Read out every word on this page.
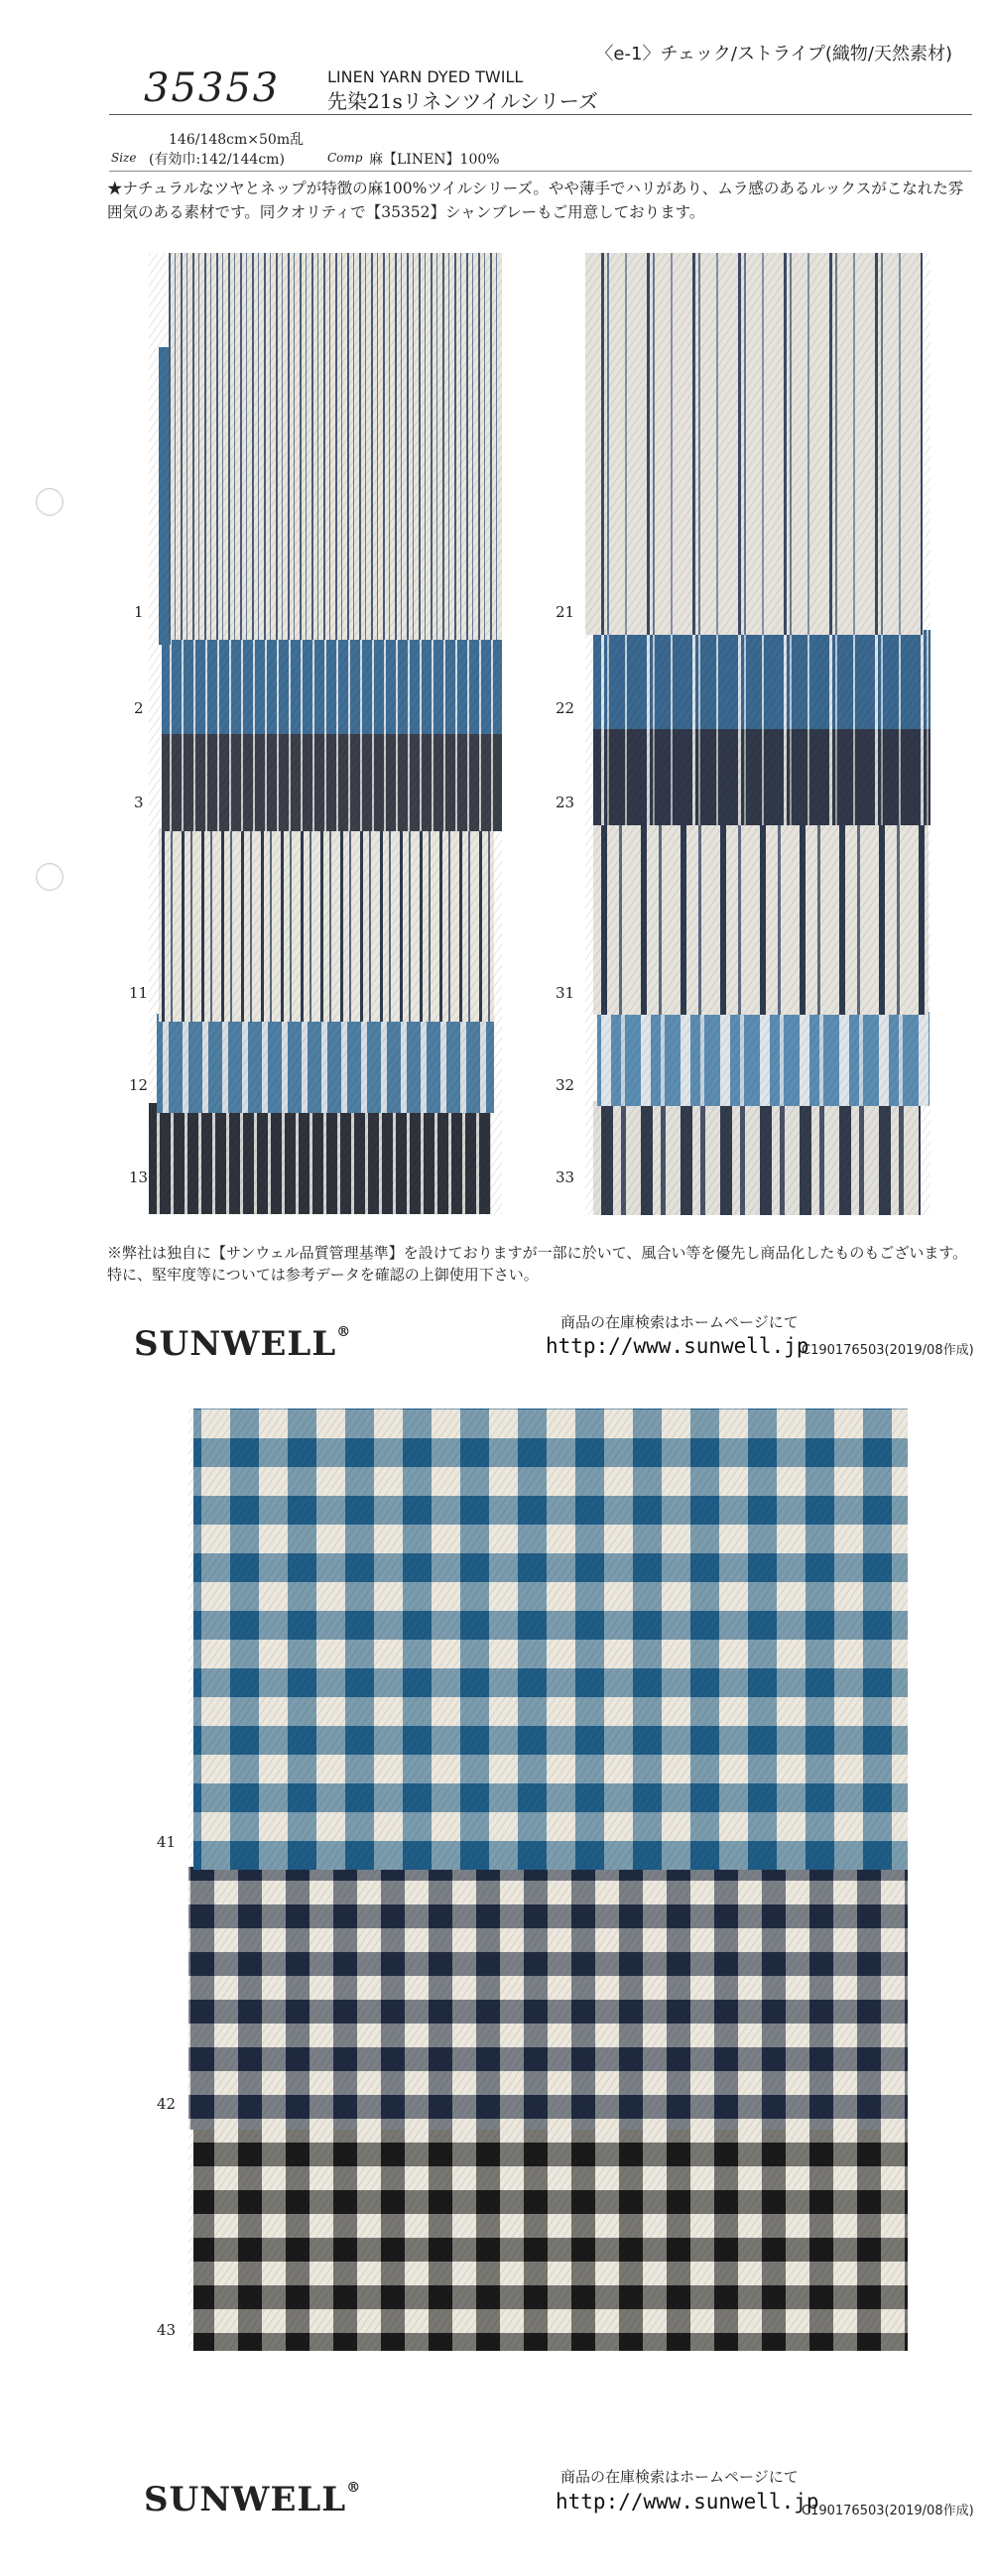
〈e-1〉チェック/ストライプ(織物/天然素材)
35353	LINEN YARN DYED TWILL
先染21sリネンツイルシリーズ
146/148cm×50m乱
Size (有効巾:142/144cm)	Comp 麻【LINEN】100%
★ナチュラルなツヤとネップが特徴の麻100%ツイルシリーズ。やや薄手でハリがあり、ムラ感のあるルックスがこなれた雰囲気のある素材です。同クオリティで【35352】シャンブレーもご用意しております。
1
2
3
11
12
13
21
22
23
31
32
33
41
42
43
※弊社は独自に【サンウェル品質管理基準】を設けておりますが一部に於いて、風合い等を優先し商品化したものもございます。
特に、堅牢度等については参考データを確認の上御使用下さい。
SUNWELL®
商品の在庫検索はホームページにて
http://www.sunwell.jp
C190176503(2019/08作成)
SUNWELL®
商品の在庫検索はホームページにて
http://www.sunwell.jp
C190176503(2019/08作成)
